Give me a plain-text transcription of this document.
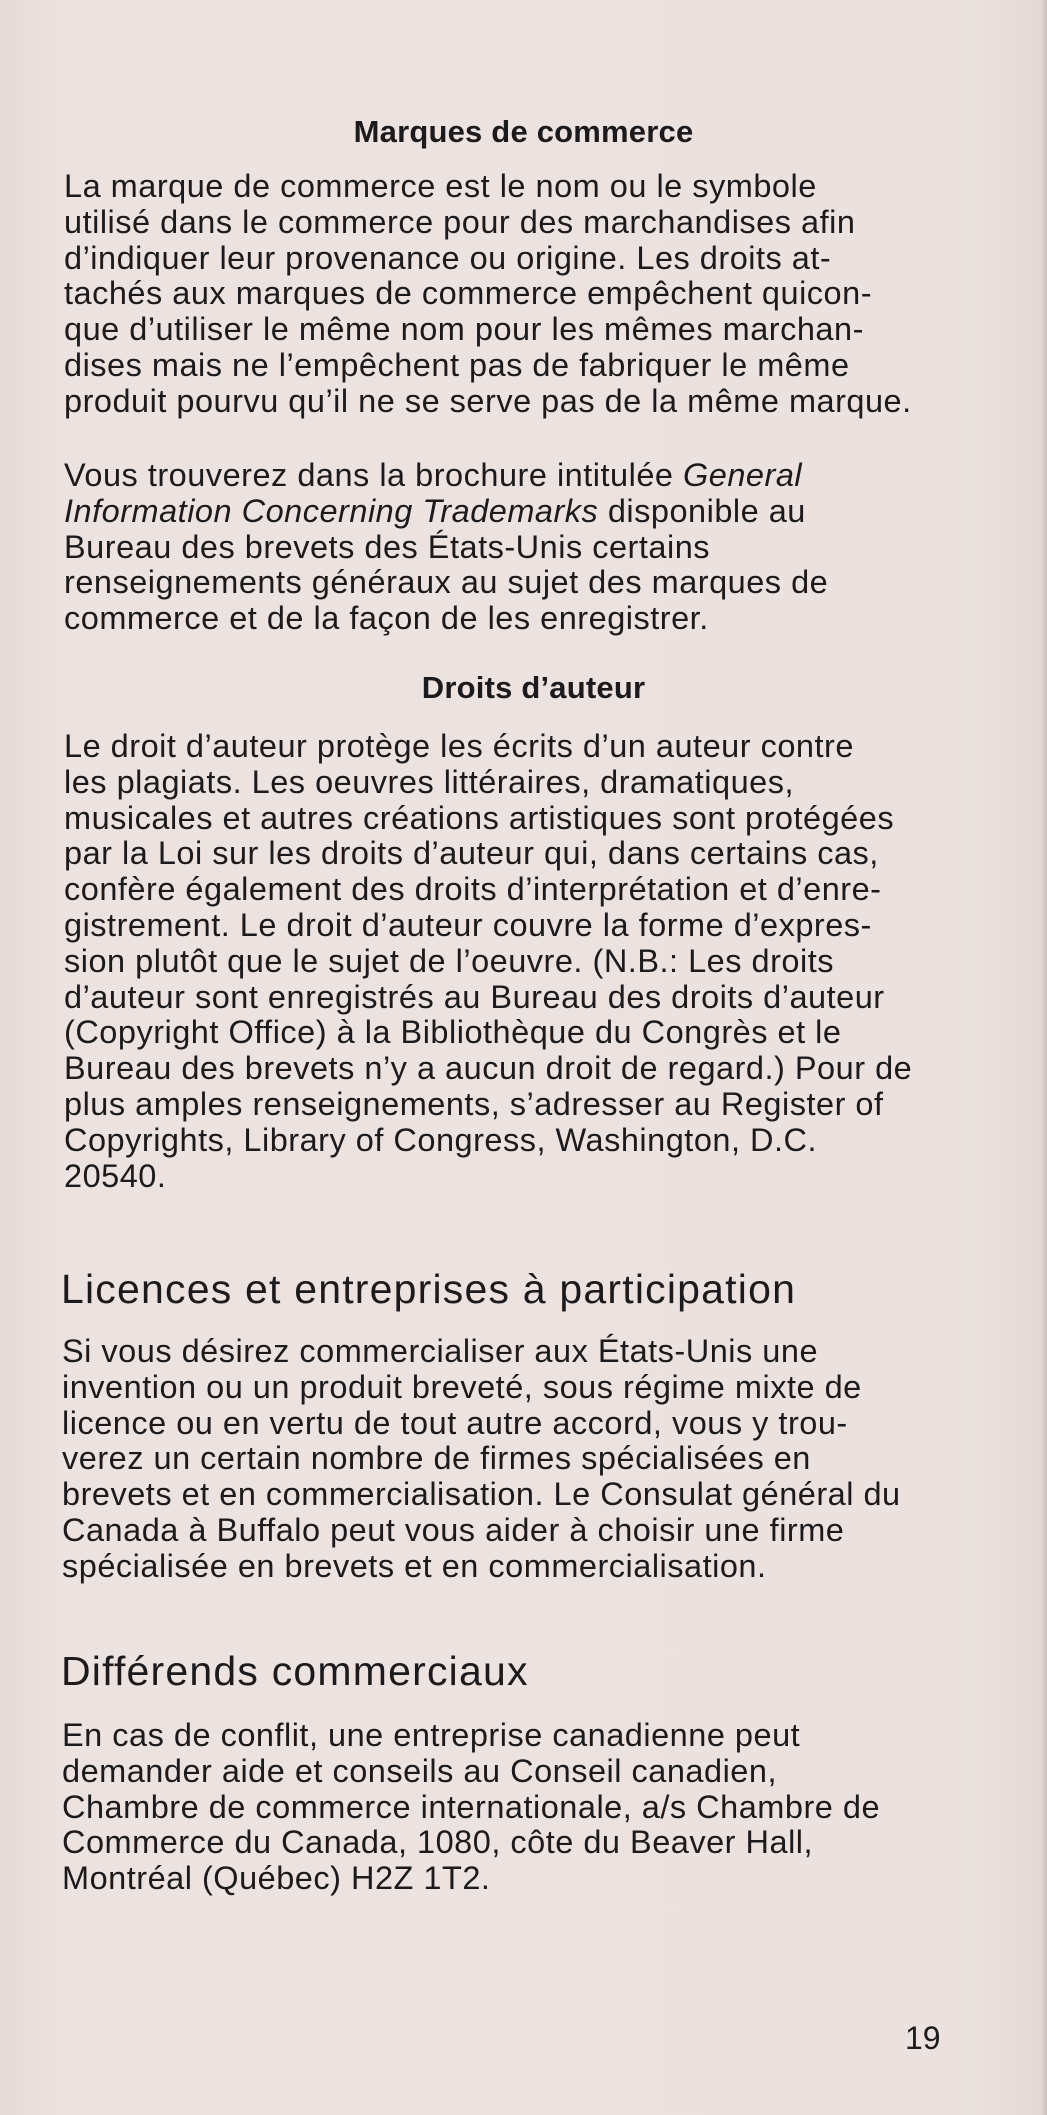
Marques de commerce
La marque de commerce est le nom ou le symbole
utilisé dans le commerce pour des marchandises afin
d’indiquer leur provenance ou origine. Les droits at-
tachés aux marques de commerce empêchent quicon-
que d’utiliser le même nom pour les mêmes marchan-
dises mais ne l’empêchent pas de fabriquer le même
produit pourvu qu’il ne se serve pas de la même marque.
Vous trouverez dans la brochure intitulée General
Information Concerning Trademarks disponible au
Bureau des brevets des États-Unis certains
renseignements généraux au sujet des marques de
commerce et de la façon de les enregistrer.
Droits d’auteur
Le droit d’auteur protège les écrits d’un auteur contre
les plagiats. Les oeuvres littéraires, dramatiques,
musicales et autres créations artistiques sont protégées
par la Loi sur les droits d’auteur qui, dans certains cas,
confère également des droits d’interprétation et d’enre-
gistrement. Le droit d’auteur couvre la forme d’expres-
sion plutôt que le sujet de l’oeuvre. (N.B.: Les droits
d’auteur sont enregistrés au Bureau des droits d’auteur
(Copyright Office) à la Bibliothèque du Congrès et le
Bureau des brevets n’y a aucun droit de regard.) Pour de
plus amples renseignements, s’adresser au Register of
Copyrights, Library of Congress, Washington, D.C.
20540.
Licences et entreprises à participation
Si vous désirez commercialiser aux États-Unis une
invention ou un produit breveté, sous régime mixte de
licence ou en vertu de tout autre accord, vous y trou-
verez un certain nombre de firmes spécialisées en
brevets et en commercialisation. Le Consulat général du
Canada à Buffalo peut vous aider à choisir une firme
spécialisée en brevets et en commercialisation.
Différends commerciaux
En cas de conflit, une entreprise canadienne peut
demander aide et conseils au Conseil canadien,
Chambre de commerce internationale, a/s Chambre de
Commerce du Canada, 1080, côte du Beaver Hall,
Montréal (Québec) H2Z 1T2.
19
